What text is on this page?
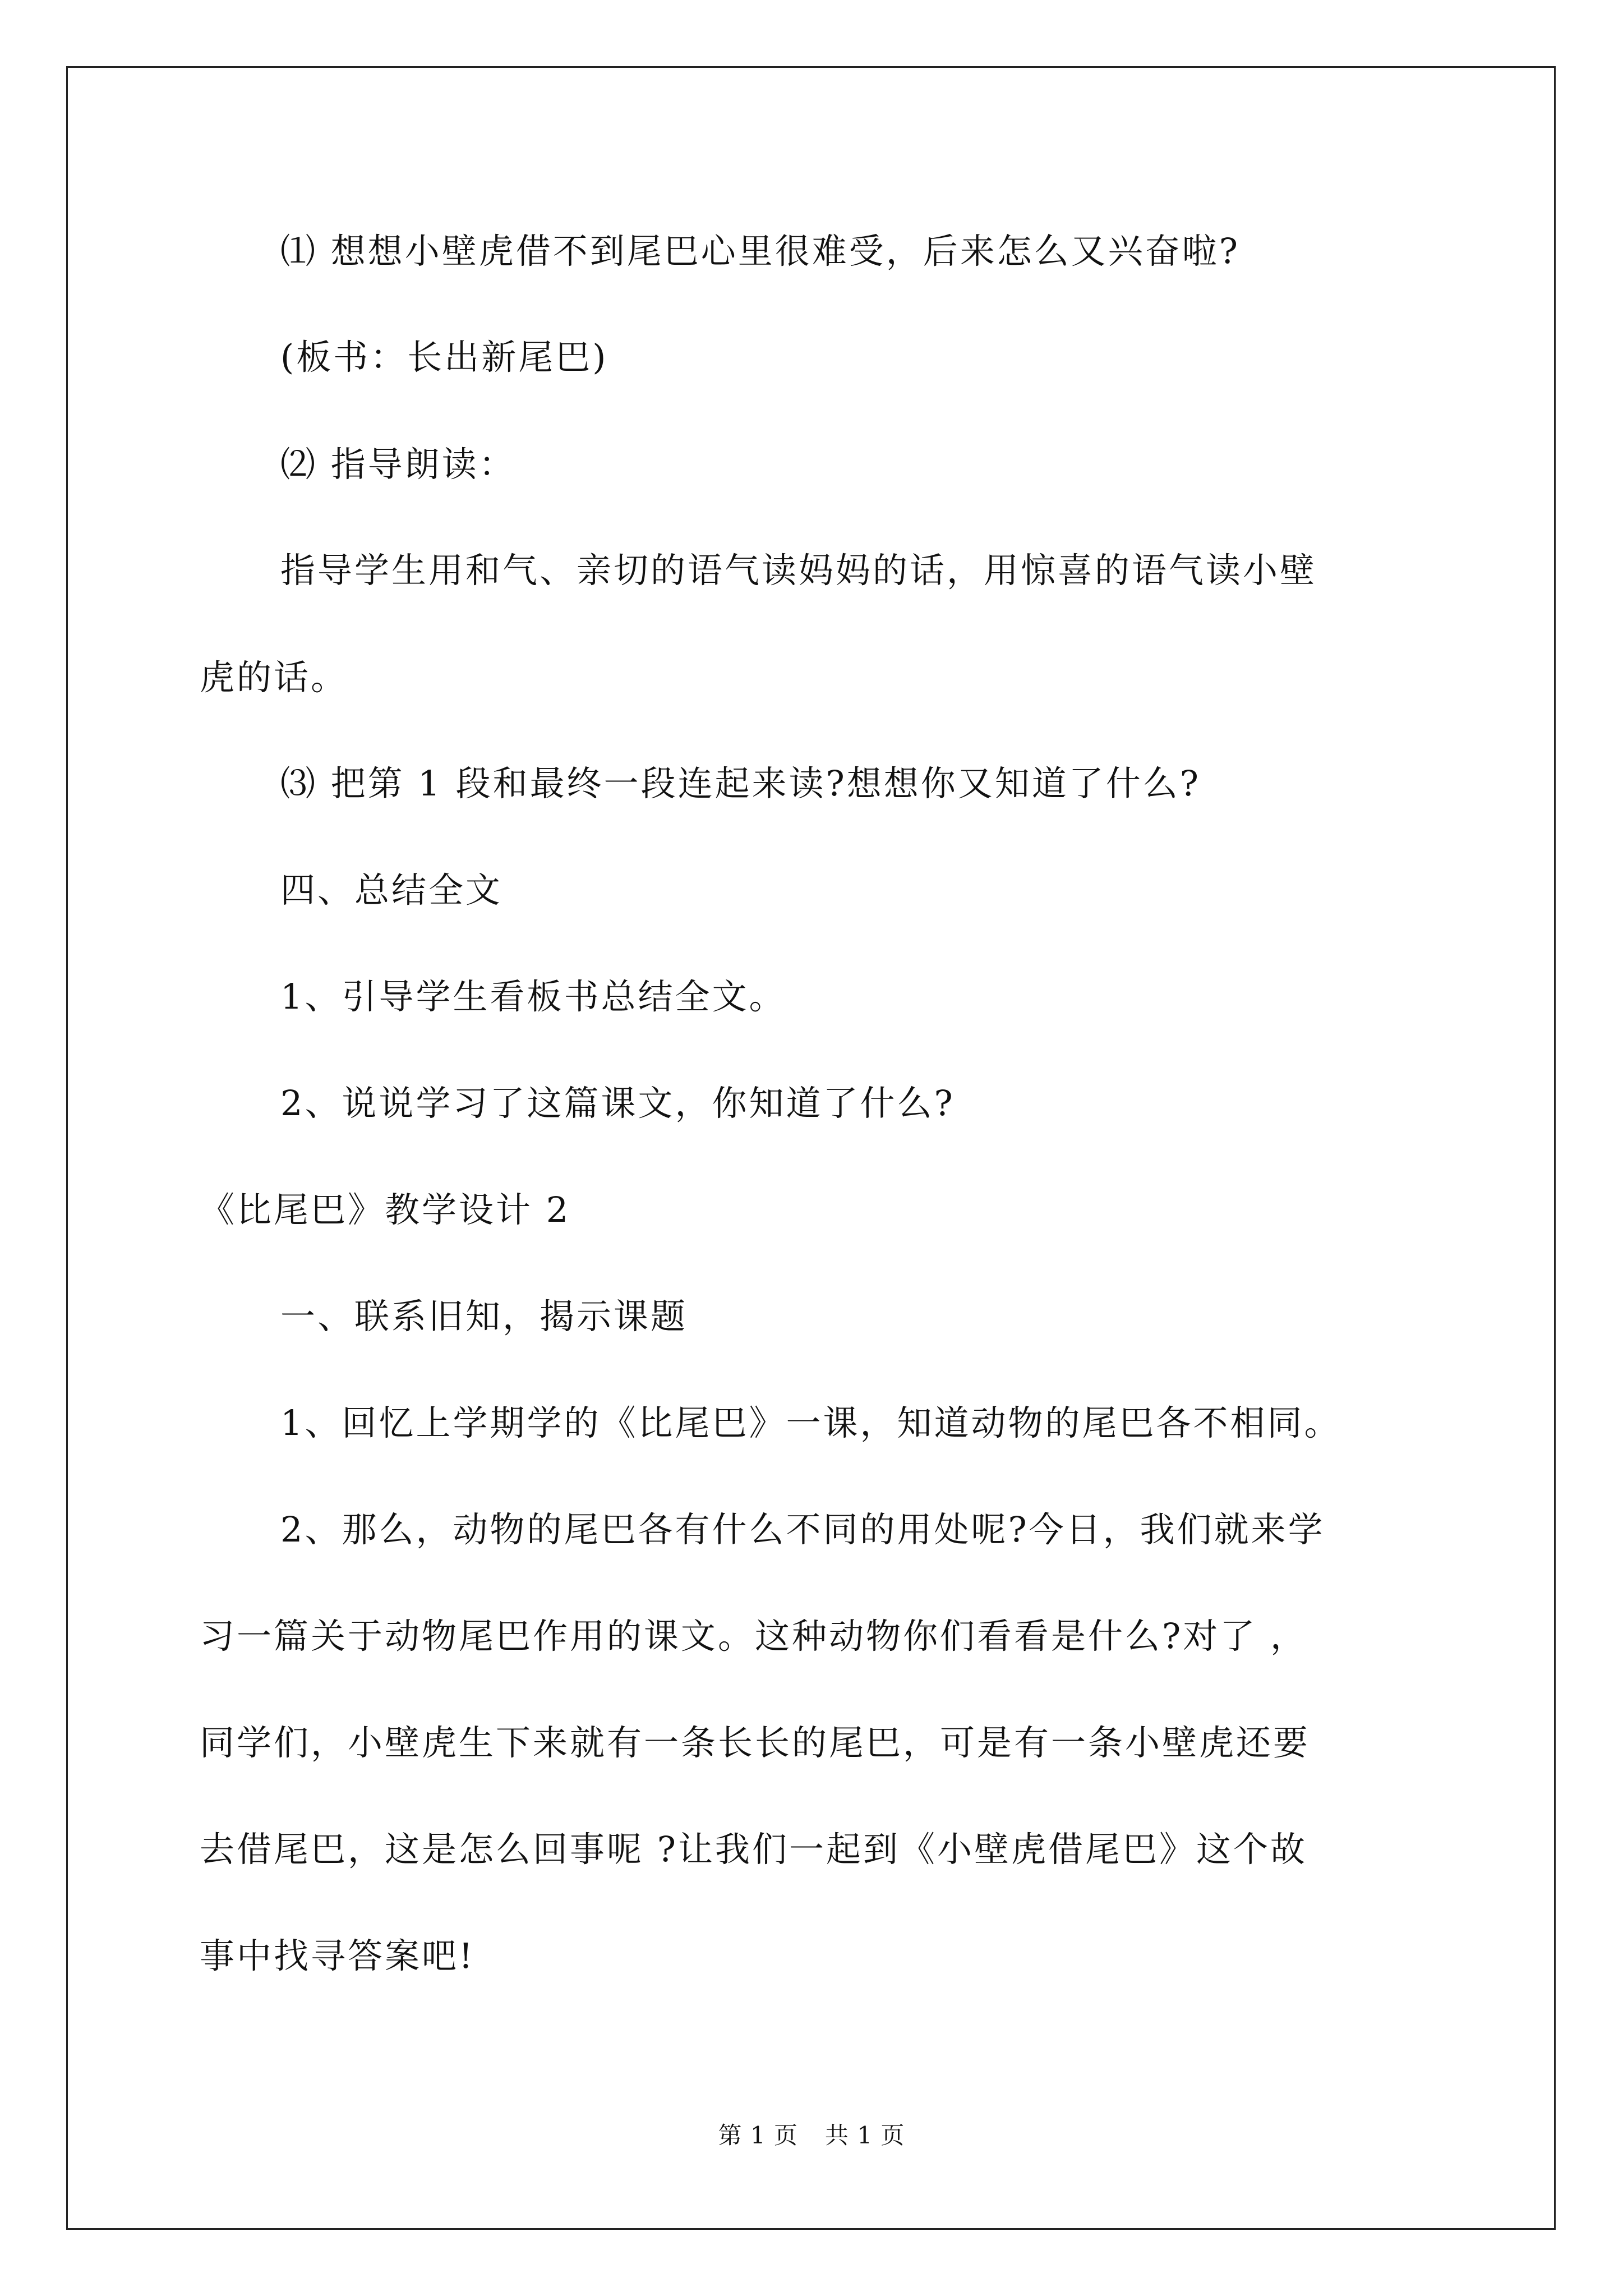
⑴ 想想小壁虎借不到尾巴心里很难受，后来怎么又兴奋啦?
(板书：长出新尾巴)
⑵ 指导朗读：
指导学生用和气、亲切的语气读妈妈的话，用惊喜的语气读小壁
虎的话。
⑶ 把第 1 段和最终一段连起来读?想想你又知道了什么?
四、总结全文
1、引导学生看板书总结全文。
2、说说学习了这篇课文，你知道了什么?
《比尾巴》教学设计 2
一、联系旧知，揭示课题
1、回忆上学期学的《比尾巴》一课，知道动物的尾巴各不相同。
2、那么，动物的尾巴各有什么不同的用处呢?今日，我们就来学
习一篇关于动物尾巴作用的课文。这种动物你们看看是什么?对了 ，
同学们，小壁虎生下来就有一条长长的尾巴，可是有一条小壁虎还要
去借尾巴，这是怎么回事呢 ?让我们一起到《小壁虎借尾巴》这个故
事中找寻答案吧!
第 1 页 共 1 页
